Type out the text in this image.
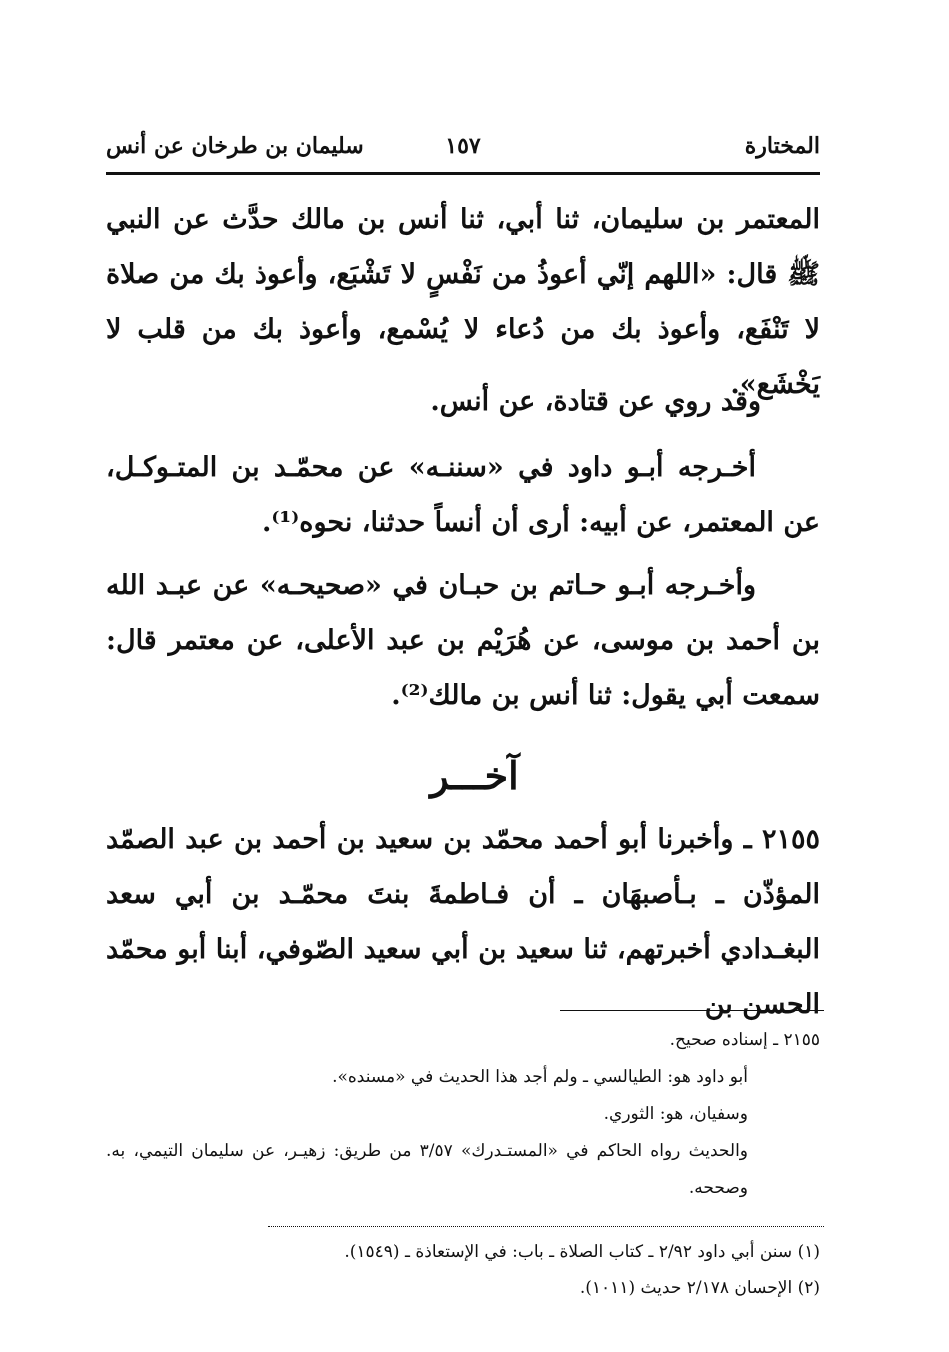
المختارة
١٥٧
سليمان بن طرخان عن أنس
المعتمر بن سليمان، ثنا أبي، ثنا أنس بن مالك حدَّث عن النبي ﷺ قال: «اللهم إنّي أعوذُ من نَفْسٍ لا تَشْبَع، وأعوذ بك من صلاة لا تَنْفَع، وأعوذ بك من دُعاء لا يُسْمع، وأعوذ بك من قلب لا يَخْشَع».
وقد روي عن قتادة، عن أنس.
أخـرجه أبـو داود في «سننـه» عن محمّـد بن المتـوكـل، عن المعتمر، عن أبيه: أرى أن أنساً حدثنا، نحوه⁽¹⁾.
وأخـرجه أبـو حـاتم بن حبـان في «صحيحـه» عن عبـد الله بن أحمد بن موسى، عن هُرَيْم بن عبد الأعلى، عن معتمر قال: سمعت أبي يقول: ثنا أنس بن مالك⁽²⁾.
آخـــر
٢١٥٥ ـ وأخبرنا أبو أحمد محمّد بن سعيد بن أحمد بن عبد الصمّد المؤذّن ـ بـأصبهَان ـ أن فـاطمةَ بنتَ محمّـد بن أبي سعد البغـدادي أخبرتهم، ثنا سعيد بن أبي سعيد الصّوفي، أبنا أبو محمّد الحسن بن
٢١٥٥ ـ إسناده صحيح.
أبو داود هو: الطيالسي ـ ولم أجد هذا الحديث في «مسنده».
وسفيان، هو: الثوري.
والحديث رواه الحاكم في «المستـدرك» ٣/٥٧ من طريق: زهيـر، عن سليمان التيمي، به. وصححه.
(١) سنن أبي داود ٢/٩٢ ـ كتاب الصلاة ـ باب: في الإستعاذة ـ (١٥٤٩).
(٢) الإحسان ٢/١٧٨ حديث (١٠١١).
